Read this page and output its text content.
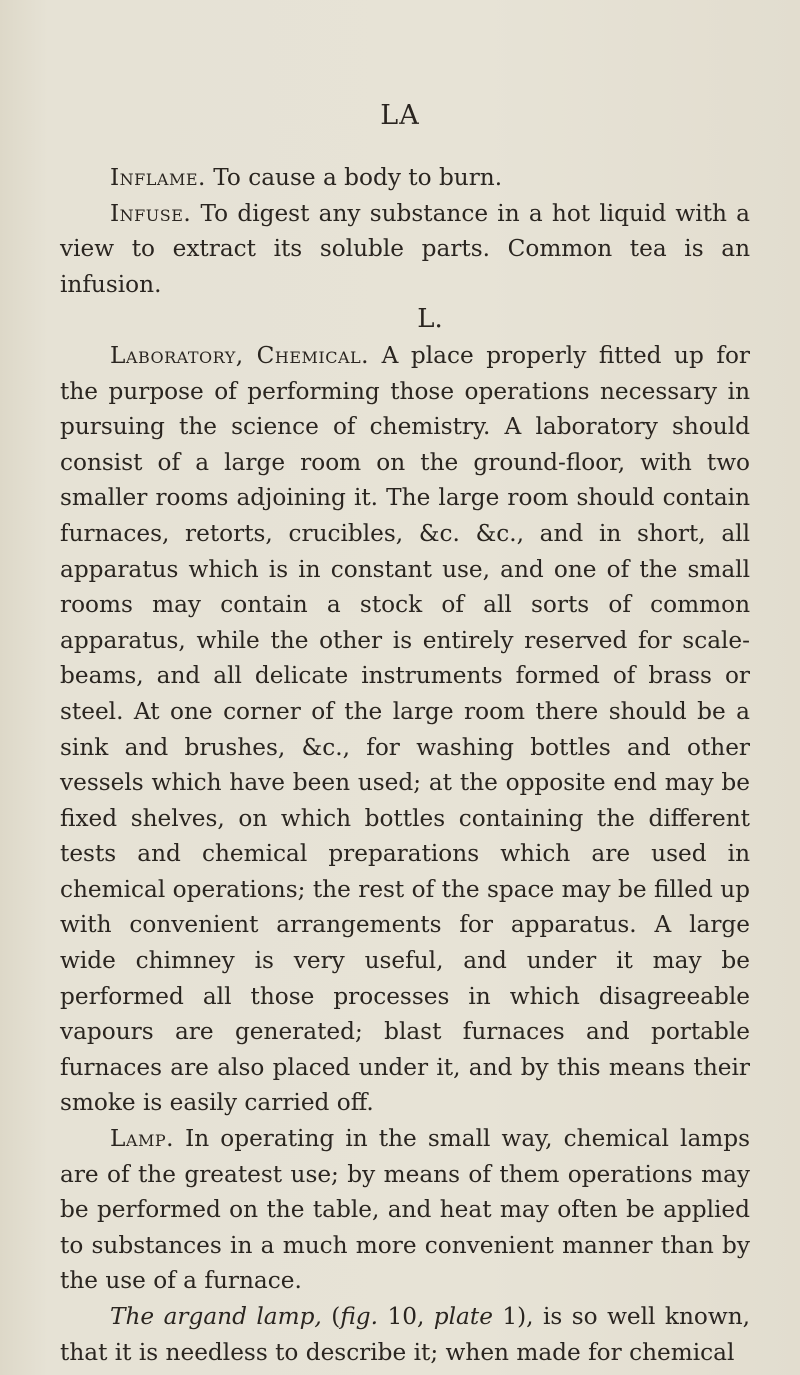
LA

Inflame. To cause a body to burn.

Infuse. To digest any substance in a hot liquid with a view to extract its soluble parts. Common tea is an infusion.

L.

Laboratory, Chemical. A place properly fitted up for the purpose of performing those operations necessary in pursuing the science of chemistry. A laboratory should consist of a large room on the ground-floor, with two smaller rooms adjoining it. The large room should contain furnaces, retorts, crucibles, &c. &c., and in short, all apparatus which is in constant use, and one of the small rooms may contain a stock of all sorts of common apparatus, while the other is entirely reserved for scale-beams, and all delicate instruments formed of brass or steel. At one corner of the large room there should be a sink and brushes, &c., for washing bottles and other vessels which have been used; at the opposite end may be fixed shelves, on which bottles containing the different tests and chemical preparations which are used in chemical operations; the rest of the space may be filled up with convenient arrangements for apparatus. A large wide chimney is very useful, and under it may be performed all those processes in which disagreeable vapours are generated; blast furnaces and portable furnaces are also placed under it, and by this means their smoke is easily carried off.

Lamp. In operating in the small way, chemical lamps are of the greatest use; by means of them operations may be performed on the table, and heat may often be applied to substances in a much more convenient manner than by the use of a furnace.

The argand lamp, (fig. 10, plate 1), is so well known, that it is needless to describe it; when made for chemical
